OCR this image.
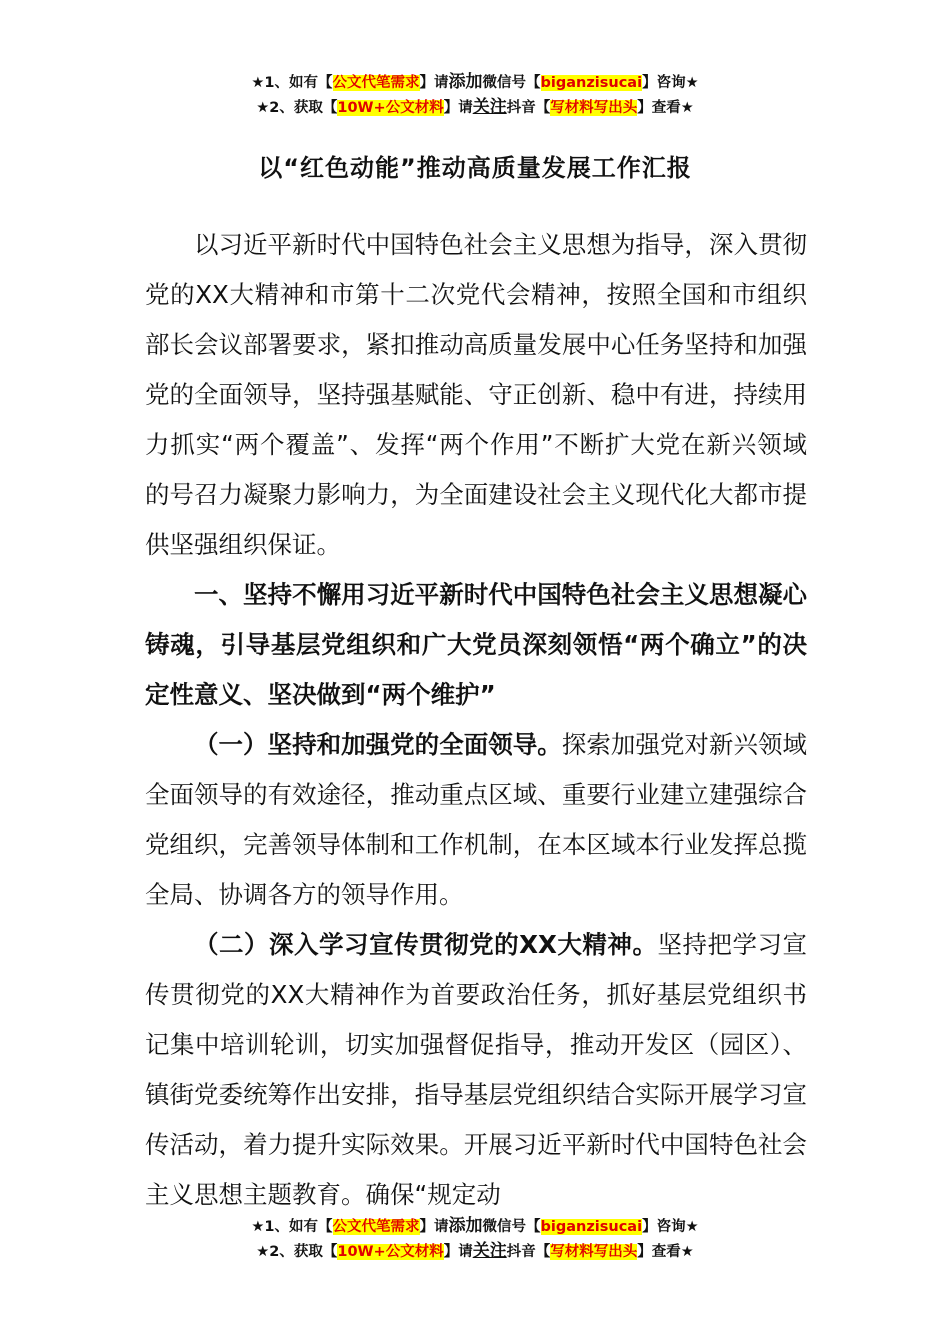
★1、如有【公文代笔需求】请添加微信号【biganzisucai】咨询★
★2、获取【10W+公文材料】请关注抖音【写材料写出头】查看★
以“红色动能”推动高质量发展工作汇报

以习近平新时代中国特色社会主义思想为指导，深入贯彻党的XX大精神和市第十二次党代会精神，按照全国和市组织部长会议部署要求，紧扣推动高质量发展中心任务坚持和加强党的全面领导，坚持强基赋能、守正创新、稳中有进，持续用力抓实“两个覆盖”、发挥“两个作用”不断扩大党在新兴领域的号召力凝聚力影响力，为全面建设社会主义现代化大都市提供坚强组织保证。

一、坚持不懈用习近平新时代中国特色社会主义思想凝心铸魂，引导基层党组织和广大党员深刻领悟“两个确立”的决定性意义、坚决做到“两个维护”

（一）坚持和加强党的全面领导。探索加强党对新兴领域全面领导的有效途径，推动重点区域、重要行业建立建强综合党组织，完善领导体制和工作机制，在本区域本行业发挥总揽全局、协调各方的领导作用。

（二）深入学习宣传贯彻党的XX大精神。坚持把学习宣传贯彻党的XX大精神作为首要政治任务，抓好基层党组织书记集中培训轮训，切实加强督促指导，推动开发区（园区）、镇街党委统筹作出安排，指导基层党组织结合实际开展学习宣传活动，着力提升实际效果。开展习近平新时代中国特色社会主义思想主题教育。确保“规定动

★1、如有【公文代笔需求】请添加微信号【biganzisucai】咨询★
★2、获取【10W+公文材料】请关注抖音【写材料写出头】查看★
